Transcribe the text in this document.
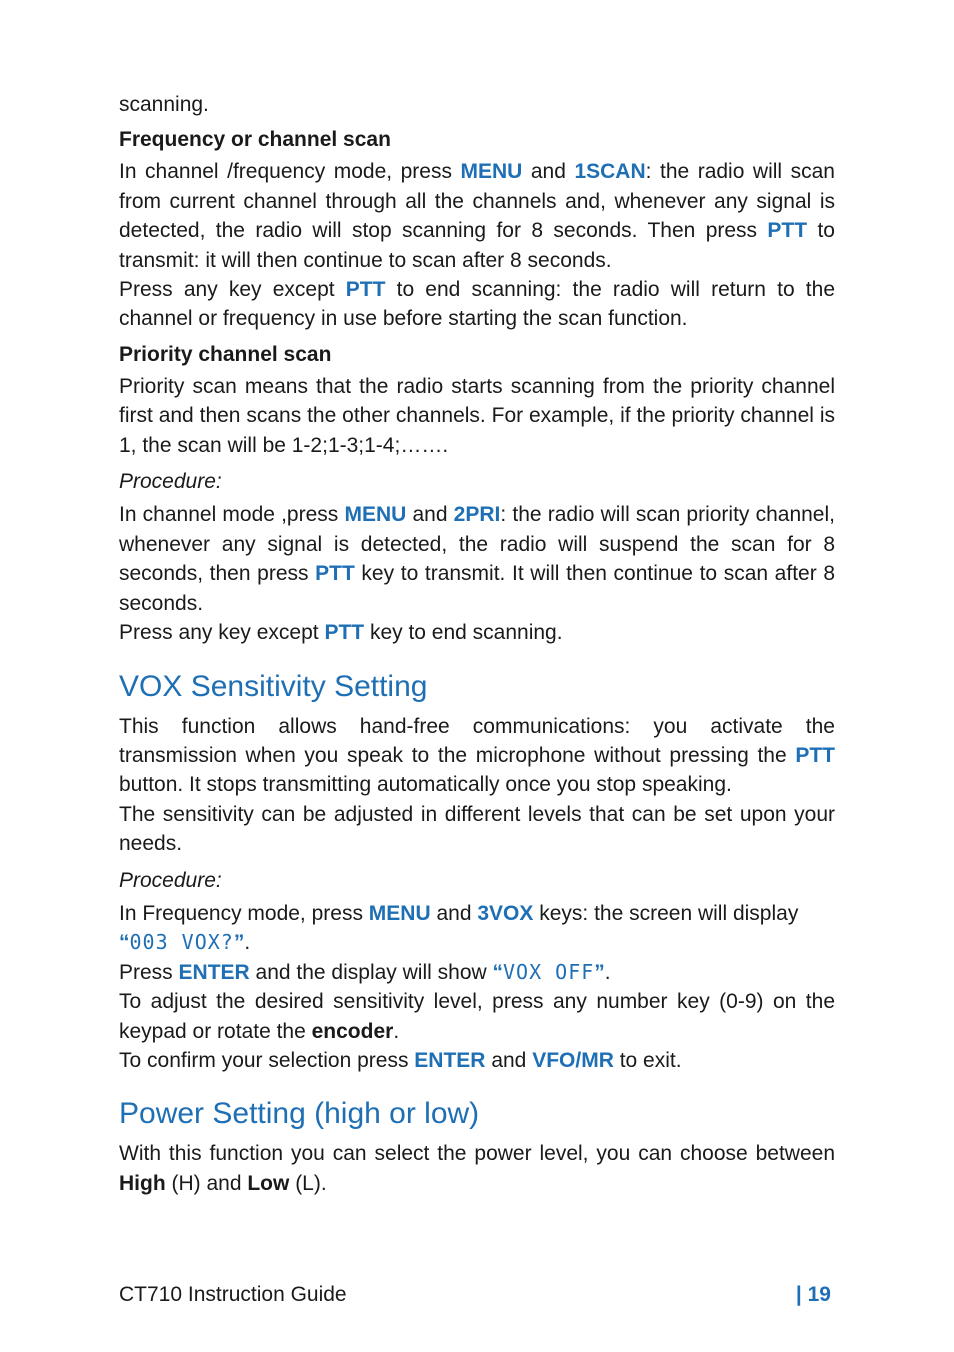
scanning.

Frequency or channel scan

In channel /frequency mode, press MENU and 1SCAN: the radio will scan from current channel through all the channels and, whenever any signal is detected, the radio will stop scanning for 8 seconds. Then press PTT to transmit: it will then continue to scan after 8 seconds.

Press any key except PTT to end scanning: the radio will return to the channel or frequency in use before starting the scan function.

Priority channel scan

Priority scan means that the radio starts scanning from the priority channel first and then scans the other channels. For example, if the priority channel is 1, the scan will be 1-2;1-3;1-4;…….

Procedure:

In channel mode ,press MENU and 2PRI: the radio will scan priority channel, whenever any signal is detected, the radio will suspend the scan for 8 seconds, then press PTT key to transmit. It will then continue to scan after 8 seconds.

Press any key except PTT key to end scanning.

VOX Sensitivity Setting

This function allows hand-free communications: you activate the transmission when you speak to the microphone without pressing the PTT button. It stops transmitting automatically once you stop speaking.

The sensitivity can be adjusted in different levels that can be set upon your needs.

Procedure:

In Frequency mode, press MENU and 3VOX keys: the screen will display “003 VOX?”.

Press ENTER and the display will show “VOX OFF”.

To adjust the desired sensitivity level, press any number key (0-9) on the keypad or rotate the encoder.

To confirm your selection press ENTER and VFO/MR to exit.

Power Setting (high or low)

With this function you can select the power level, you can choose between High (H) and Low (L).

CT710 Instruction Guide	| 19
